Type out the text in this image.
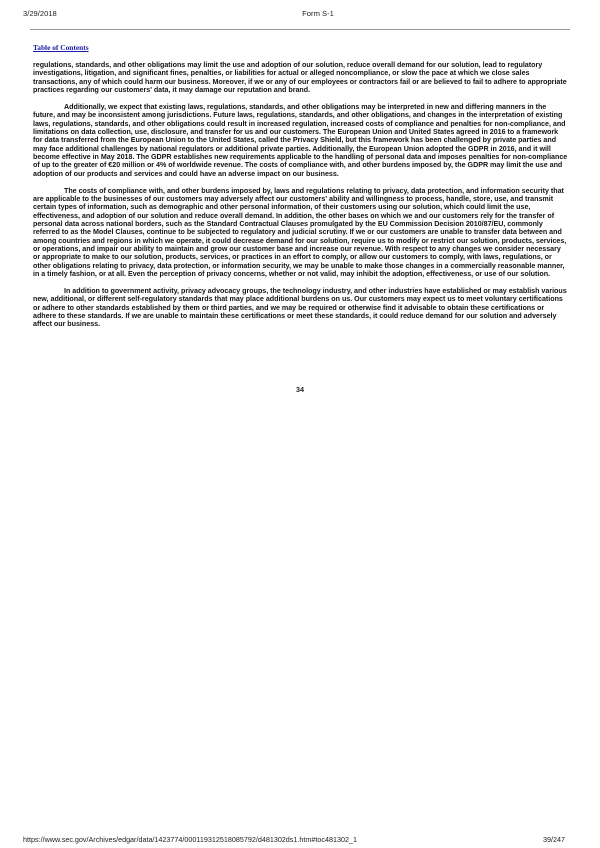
3/29/2018	Form S-1
Table of Contents

regulations, standards, and other obligations may limit the use and adoption of our solution, reduce overall demand for our solution, lead to regulatory investigations, litigation, and significant fines, penalties, or liabilities for actual or alleged noncompliance, or slow the pace at which we close sales transactions, any of which could harm our business. Moreover, if we or any of our employees or contractors fail or are believed to fail to adhere to appropriate practices regarding our customers' data, it may damage our reputation and brand.

Additionally, we expect that existing laws, regulations, standards, and other obligations may be interpreted in new and differing manners in the future, and may be inconsistent among jurisdictions. Future laws, regulations, standards, and other obligations, and changes in the interpretation of existing laws, regulations, standards, and other obligations could result in increased regulation, increased costs of compliance and penalties for non-compliance, and limitations on data collection, use, disclosure, and transfer for us and our customers. The European Union and United States agreed in 2016 to a framework for data transferred from the European Union to the United States, called the Privacy Shield, but this framework has been challenged by private parties and may face additional challenges by national regulators or additional private parties. Additionally, the European Union adopted the GDPR in 2016, and it will become effective in May 2018. The GDPR establishes new requirements applicable to the handling of personal data and imposes penalties for non-compliance of up to the greater of €20 million or 4% of worldwide revenue. The costs of compliance with, and other burdens imposed by, the GDPR may limit the use and adoption of our products and services and could have an adverse impact on our business.

The costs of compliance with, and other burdens imposed by, laws and regulations relating to privacy, data protection, and information security that are applicable to the businesses of our customers may adversely affect our customers' ability and willingness to process, handle, store, use, and transmit certain types of information, such as demographic and other personal information, of their customers using our solution, which could limit the use, effectiveness, and adoption of our solution and reduce overall demand. In addition, the other bases on which we and our customers rely for the transfer of personal data across national borders, such as the Standard Contractual Clauses promulgated by the EU Commission Decision 2010/87/EU, commonly referred to as the Model Clauses, continue to be subjected to regulatory and judicial scrutiny. If we or our customers are unable to transfer data between and among countries and regions in which we operate, it could decrease demand for our solution, require us to modify or restrict our solution, products, services, or operations, and impair our ability to maintain and grow our customer base and increase our revenue. With respect to any changes we consider necessary or appropriate to make to our solution, products, services, or practices in an effort to comply, or allow our customers to comply, with laws, regulations, or other obligations relating to privacy, data protection, or information security, we may be unable to make those changes in a commercially reasonable manner, in a timely fashion, or at all. Even the perception of privacy concerns, whether or not valid, may inhibit the adoption, effectiveness, or use of our solution.

In addition to government activity, privacy advocacy groups, the technology industry, and other industries have established or may establish various new, additional, or different self-regulatory standards that may place additional burdens on us. Our customers may expect us to meet voluntary certifications or adhere to other standards established by them or third parties, and we may be required or otherwise find it advisable to obtain these certifications or adhere to these standards. If we are unable to maintain these certifications or meet these standards, it could reduce demand for our solution and adversely affect our business.

34
https://www.sec.gov/Archives/edgar/data/1423774/000119312518085792/d481302ds1.htm#toc481302_1	39/247
